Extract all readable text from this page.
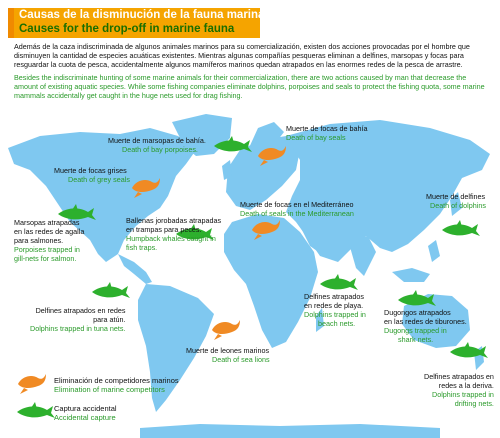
Causas de la disminución de la fauna marina /
Causes for the drop-off in marine fauna
Además de la caza indiscriminada de algunos animales marinos para su comercialización, existen dos acciones provocadas por el hombre que disminuyen la cantidad de especies acuáticas existentes. Mientras algunas compañías pesqueras eliminan a delfines, marsopas y focas para resguardar la cuota de pesca, accidentalmente algunos mamíferos marinos quedan atrapados en las enormes redes de la pesca de arrastre.
Besides the indiscriminate hunting of some marine animals for their commercialization, there are two actions caused by man that decrease the amount of existing aquatic species. While some fishing companies eliminate dolphins, porpoises and seals to protect the fishing quota, some marine mammals accidentally get caught in the huge nets used for drag fishing.
Muerte de marsopas de bahía.
Death of bay porpoises.
Muerte de focas de bahía
Death of bay seals
Muerte de focas grises
Death of grey seals
Marsopas atrapadas
en las redes de agalla
para salmones.
Porpoises trapped in
gill-nets for salmon.
Ballenas jorobadas atrapadas
en trampas para peces.
Humpback whales caught in
fish traps.
Muerte de focas en el Mediterráneo
Death of seals in the Mediterranean
Muerte de delfines
Death of dolphins
Delfines atrapados en redes
para atún.
Dolphins trapped in tuna nets.
Delfines atrapados
en redes de playa.
Dolphins trapped in
beach nets.
Dugongos atrapados
en las redes de tiburones.
Dugongs trapped in
shark nets.
Muerte de leones marinos
Death of sea lions
Delfines atrapados en
redes a la deriva.
Dolphins trapped in
drifting nets.
Eliminación de competidores marinos
Elimination of marine competitors
Captura accidental
Accidental capture
